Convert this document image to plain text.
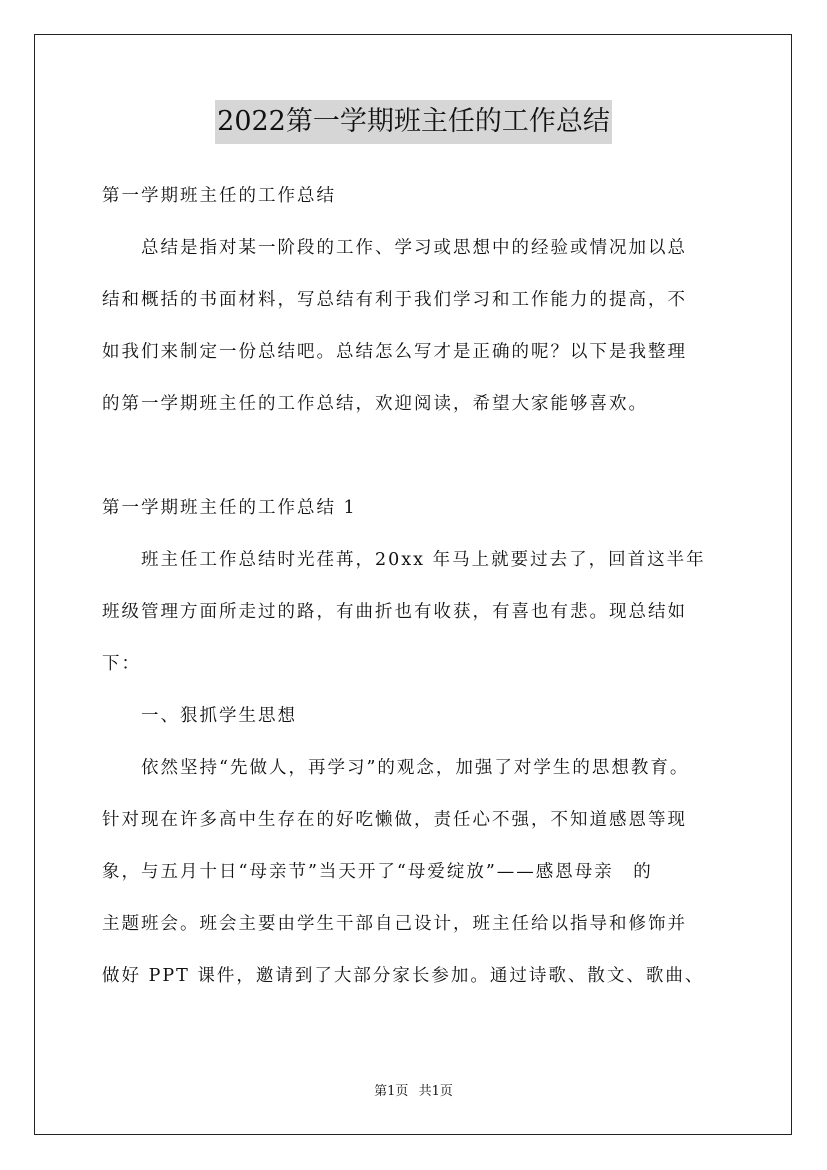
2022第一学期班主任的工作总结
第一学期班主任的工作总结
总结是指对某一阶段的工作、学习或思想中的经验或情况加以总
结和概括的书面材料，写总结有利于我们学习和工作能力的提高，不
如我们来制定一份总结吧。总结怎么写才是正确的呢？以下是我整理
的第一学期班主任的工作总结，欢迎阅读，希望大家能够喜欢。
第一学期班主任的工作总结 1
班主任工作总结时光荏苒，20xx 年马上就要过去了，回首这半年
班级管理方面所走过的路，有曲折也有收获，有喜也有悲。现总结如
下：
一、狠抓学生思想
依然坚持“先做人，再学习”的观念，加强了对学生的思想教育。
针对现在许多高中生存在的好吃懒做，责任心不强，不知道感恩等现
象，与五月十日“母亲节”当天开了“母爱绽放”——感恩母亲　的
主题班会。班会主要由学生干部自己设计，班主任给以指导和修饰并
做好 PPT 课件，邀请到了大部分家长参加。通过诗歌、散文、歌曲、
第1页 共1页
